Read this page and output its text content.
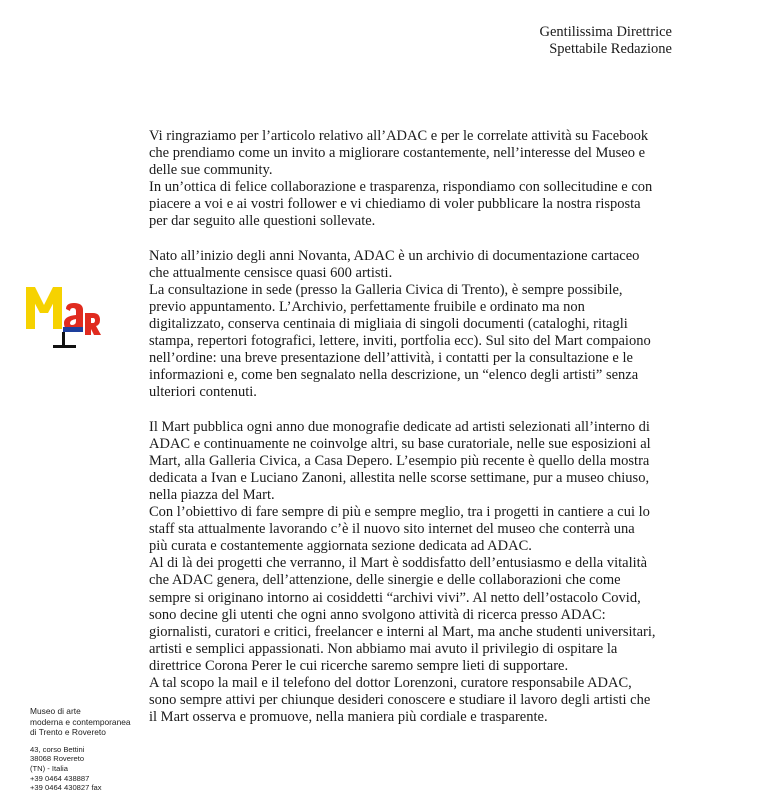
Gentilissima Direttrice
Spettabile Redazione
Vi ringraziamo per l’articolo relativo all’ADAC e per le correlate attività su Facebook
che prendiamo come un invito a migliorare costantemente, nell’interesse del Museo e
delle sue community.
In un’ottica di felice collaborazione e trasparenza, rispondiamo con sollecitudine e con
piacere a voi e ai vostri follower e vi chiediamo di voler pubblicare la nostra risposta
per dar seguito alle questioni sollevate.
Nato all’inizio degli anni Novanta, ADAC è un archivio di documentazione cartaceo
che attualmente censisce quasi 600 artisti.
La consultazione in sede (presso la Galleria Civica di Trento), è sempre possibile,
previo appuntamento. L’Archivio, perfettamente fruibile e ordinato ma non
digitalizzato, conserva centinaia di migliaia di singoli documenti (cataloghi, ritagli
stampa, repertori fotografici, lettere, inviti, portfolia ecc). Sul sito del Mart compaiono
nell’ordine: una breve presentazione dell’attività, i contatti per la consultazione e le
informazioni e, come ben segnalato nella descrizione, un “elenco degli artisti” senza
ulteriori contenuti.
Il Mart pubblica ogni anno due monografie dedicate ad artisti selezionati all’interno di
ADAC e continuamente ne coinvolge altri, su base curatoriale, nelle sue esposizioni al
Mart, alla Galleria Civica, a Casa Depero. L’esempio più recente è quello della mostra
dedicata a Ivan e Luciano Zanoni, allestita nelle scorse settimane, pur a museo chiuso,
nella piazza del Mart.
Con l’obiettivo di fare sempre di più e sempre meglio, tra i progetti in cantiere a cui lo
staff sta attualmente lavorando c’è il nuovo sito internet del museo che conterrà una
più curata e costantemente aggiornata sezione dedicata ad ADAC.
Al di là dei progetti che verranno, il Mart è soddisfatto dell’entusiasmo e della vitalità
che ADAC genera, dell’attenzione, delle sinergie e delle collaborazioni che come
sempre si originano intorno ai cosiddetti “archivi vivi”. Al netto dell’ostacolo Covid,
sono decine gli utenti che ogni anno svolgono attività di ricerca presso ADAC:
giornalisti, curatori e critici, freelancer e interni al Mart, ma anche studenti universitari,
artisti e semplici appassionati. Non abbiamo mai avuto il privilegio di ospitare la
direttrice Corona Perer le cui ricerche saremo sempre lieti di supportare.
A tal scopo la mail e il telefono del dottor Lorenzoni, curatore responsabile ADAC,
sono sempre attivi per chiunque desideri conoscere e studiare il lavoro degli artisti che
il Mart osserva e promuove, nella maniera più cordiale e trasparente.
Museo di arte
moderna e contemporanea
di Trento e Rovereto
43, corso Bettini
38068 Rovereto
(TN) - Italia
+39 0464 438887
+39 0464 430827 fax
